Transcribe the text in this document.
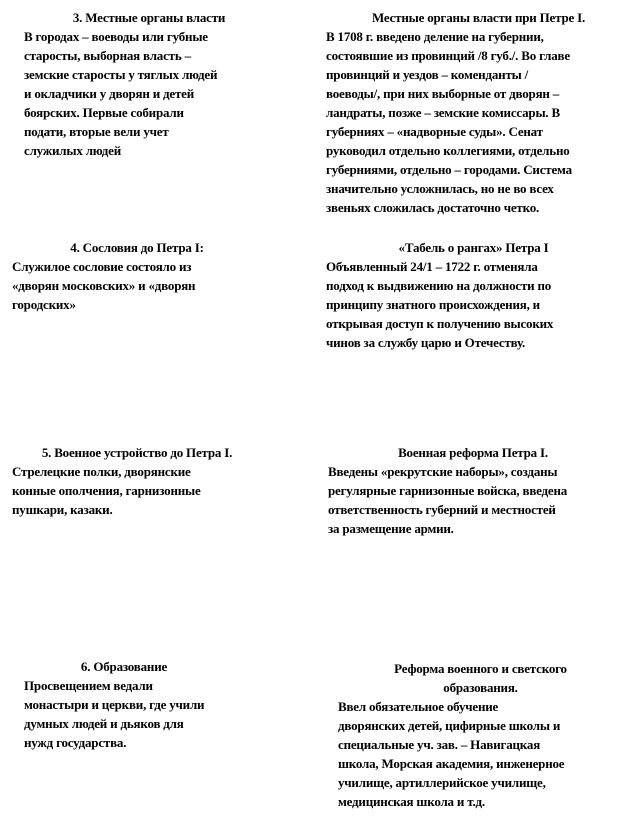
3. Местные органы власти
В городах – воеводы или губные
старосты, выборная власть –
земские старосты у тяглых людей
и окладчики у дворян и детей
боярских. Первые собирали
подати, вторые вели учет
служилых людей
Местные органы власти при Петре I.
В 1708 г. введено деление на губернии,
состоявшие из провинций /8 губ./. Во главе
провинций и уездов – коменданты /
воеводы/, при них выборные от дворян –
ландраты, позже – земские комиссары. В
губерниях – «надворные суды». Сенат
руководил отдельно коллегиями, отдельно
губерниями, отдельно – городами. Система
значительно усложнилась, но не во всех
звеньях сложилась достаточно четко.
4. Сословия до Петра I:
Служилое сословие состояло из
«дворян московских» и «дворян
городских»
«Табель о рангах» Петра I
Объявленный 24/1 – 1722 г. отменяла
подход к выдвижению на должности по
принципу знатного происхождения, и
открывая доступ к получению высоких
чинов за службу царю и Отечеству.
5. Военное устройство до Петра I.
Стрелецкие полки, дворянские
конные ополчения, гарнизонные
пушкари, казаки.
Военная реформа Петра I.
Введены «рекрутские наборы», созданы
регулярные гарнизонные войска, введена
ответственность губерний и местностей
за размещение армии.
6. Образование
Просвещением ведали
монастыри и церкви, где учили
думных людей и дьяков для
нужд государства.
Реформа военного и светского
образования.
Ввел обязательное обучение
дворянских детей, цифирные школы и
специальные уч. зав. – Навигацкая
школа, Морская академия, инженерное
училище, артиллерийское училище,
медицинская школа и т.д.
